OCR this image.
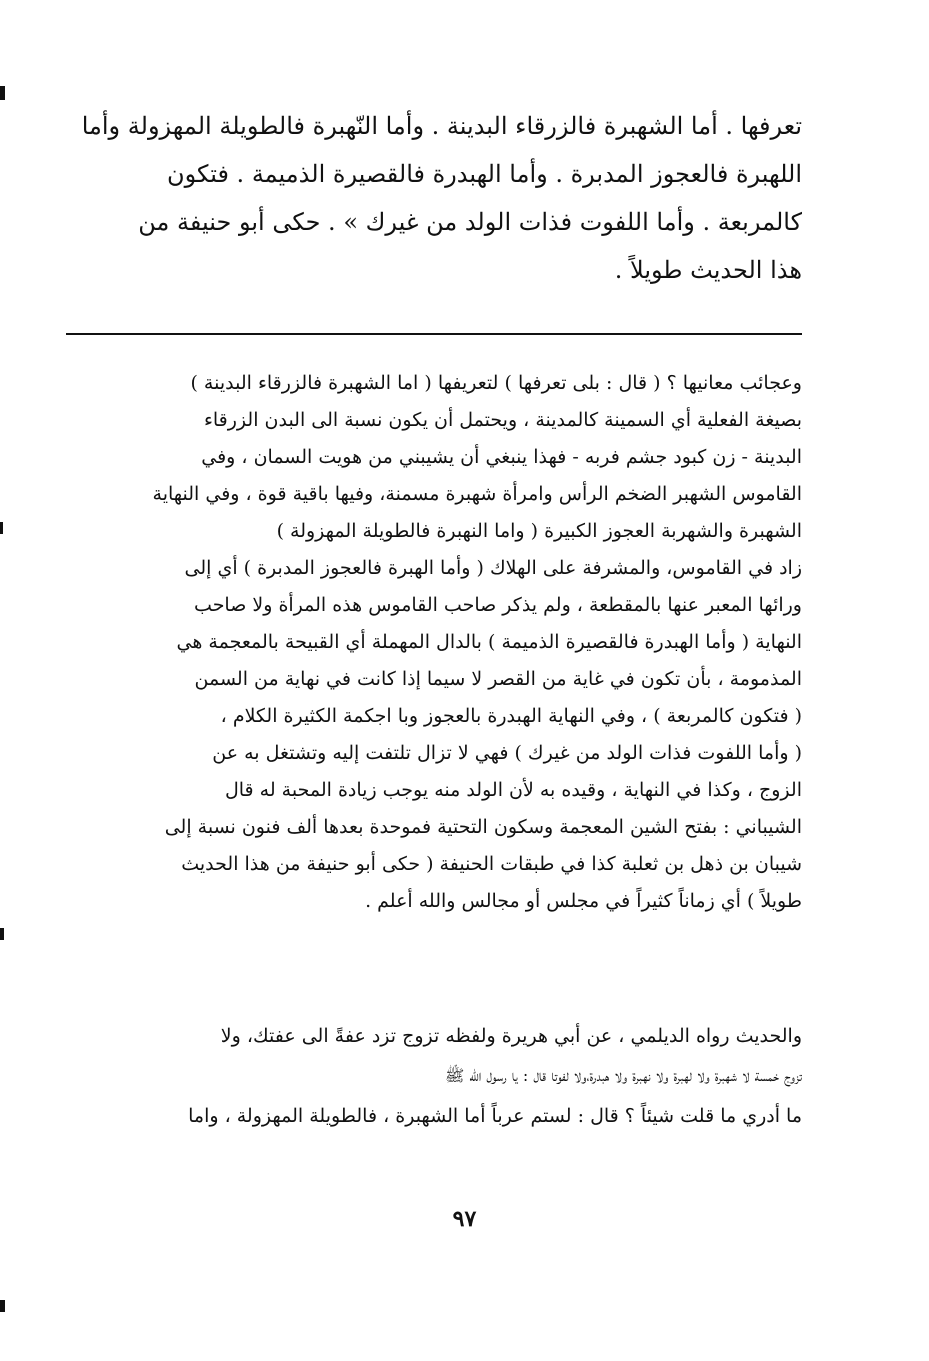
تعرفها . أما الشهبرة فالزرقاء البدينة . وأما النّهبرة فالطويلة المهزولة وأما
اللهبرة فالعجوز المدبرة . وأما الهبدرة فالقصيرة الذميمة . فتكون
كالمربعة . وأما اللفوت فذات الولد من غيرك » . حكى أبو حنيفة من
هذا الحديث طويلاً .
وعجائب معانيها ؟ ( قال : بلى تعرفها ) لتعريفها ( اما الشهبرة فالزرقاء البدينة )
بصيغة الفعلية أي السمينة كالمدينة ، ويحتمل أن يكون نسبة الى البدن الزرقاء
البدينة - زن كبود جشم فربه - فهذا ينبغي أن يشيبني من هويت السمان ، وفي
القاموس الشهبر الضخم الرأس وامرأة شهبرة مسمنة، وفيها باقية قوة ، وفي النهاية
الشهبرة والشهربة العجوز الكبيرة ( واما النهبرة فالطويلة المهزولة )
زاد في القاموس، والمشرفة على الهلاك ( وأما الهبرة فالعجوز المدبرة ) أي إلى
ورائها المعبر عنها بالمقطعة ، ولم يذكر صاحب القاموس هذه المرأة ولا صاحب
النهاية ( وأما الهبدرة فالقصيرة الذميمة ) بالدال المهملة أي القبيحة بالمعجمة هي
المذمومة ، بأن تكون في غاية من القصر لا سيما إذا كانت في نهاية من السمن
( فتكون كالمربعة ) ، وفي النهاية الهبدرة بالعجوز وبا اجكمة الكثيرة الكلام ،
( وأما اللفوت فذات الولد من غيرك ) فهي لا تزال تلتفت إليه وتشتغل به عن
الزوج ، وكذا في النهاية ، وقيده به لأن الولد منه يوجب زيادة المحبة له قال
الشيباني : بفتح الشين المعجمة وسكون التحتية فموحدة بعدها ألف فنون نسبة إلى
شيبان بن ذهل بن ثعلبة كذا في طبقات الحنيفة ( حكى أبو حنيفة من هذا الحديث
طويلاً ) أي زماناً كثيراً في مجلس أو مجالس والله أعلم .
والحديث رواه الديلمي ، عن أبي هريرة ولفظه تزوج تزد عفةً الى عفتك، ولا
تزوج خمسة لا شهبرة ولا لهبرة ولا نهبرة ولا هبدرة،ولا لفوتا قال : يا رسول الله ﷺ
ما أدري ما قلت شيئاً ؟ قال : لستم عرباً أما الشهبرة ، فالطويلة المهزولة ، واما
٩٧
